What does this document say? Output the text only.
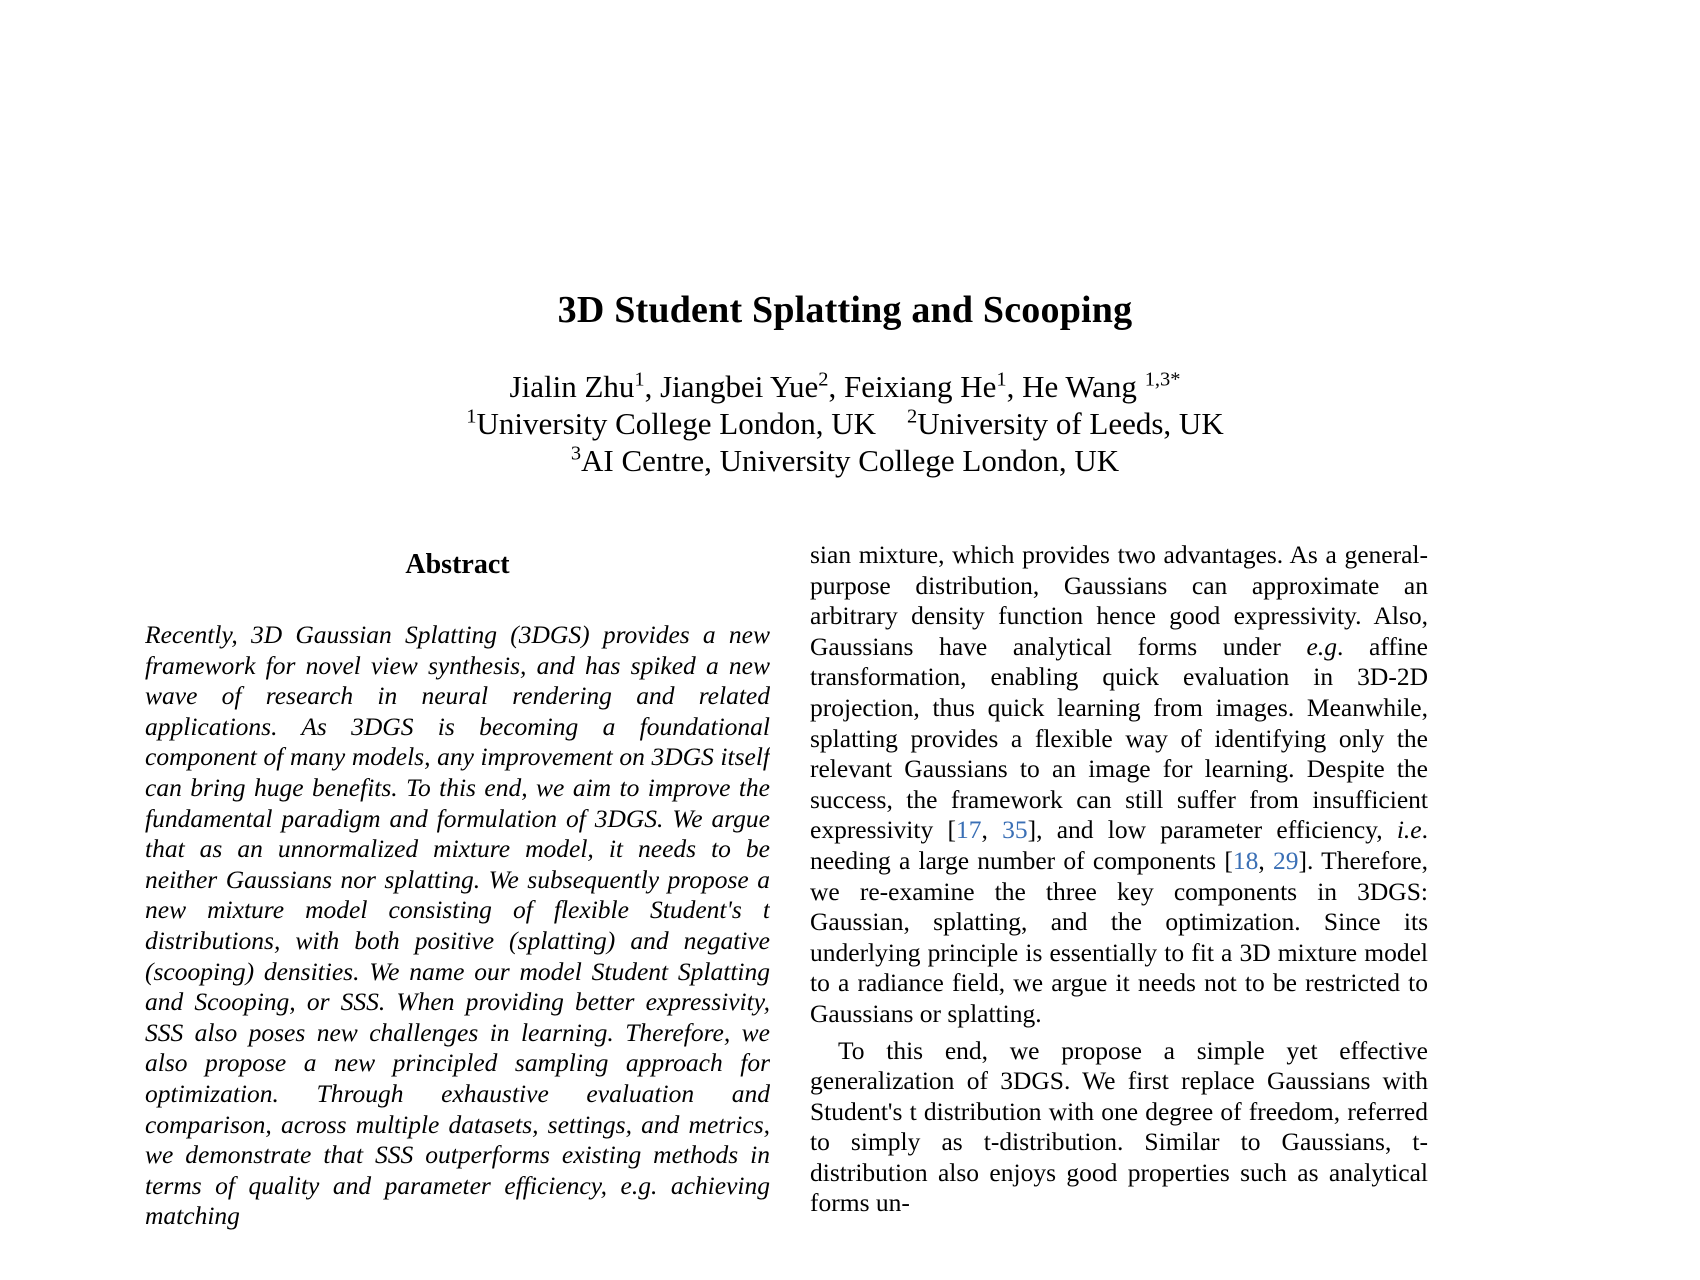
3D Student Splatting and Scooping
Jialin Zhu$^1$, Jiangbei Yue$^2$, Feixiang He$^1$, He Wang $^{1,3*}$
$^1$University College London, UK $^2$University of Leeds, UK
$^3$AI Centre, University College London, UK
Abstract
Recently, 3D Gaussian Splatting (3DGS) provides a new framework for novel view synthesis, and has spiked a new wave of research in neural rendering and related applications. As 3DGS is becoming a foundational component of many models, any improvement on 3DGS itself can bring huge benefits. To this end, we aim to improve the fundamental paradigm and formulation of 3DGS. We argue that as an unnormalized mixture model, it needs to be neither Gaussians nor splatting. We subsequently propose a new mixture model consisting of flexible Student's t distributions, with both positive (splatting) and negative (scooping) densities. We name our model Student Splatting and Scooping, or SSS. When providing better expressivity, SSS also poses new challenges in learning. Therefore, we also propose a new principled sampling approach for optimization. Through exhaustive evaluation and comparison, across multiple datasets, settings, and metrics, we demonstrate that SSS outperforms existing methods in terms of quality and parameter efficiency, e.g. achieving matching

sian mixture, which provides two advantages. As a general-purpose distribution, Gaussians can approximate an arbitrary density function hence good expressivity. Also, Gaussians have analytical forms under e.g. affine transformation, enabling quick evaluation in 3D-2D projection, thus quick learning from images. Meanwhile, splatting provides a flexible way of identifying only the relevant Gaussians to an image for learning. Despite the success, the framework can still suffer from insufficient expressivity [17, 35], and low parameter efficiency, i.e. needing a large number of components [18, 29]. Therefore, we re-examine the three key components in 3DGS: Gaussian, splatting, and the optimization. Since its underlying principle is essentially to fit a 3D mixture model to a radiance field, we argue it needs not to be restricted to Gaussians or splatting.

To this end, we propose a simple yet effective generalization of 3DGS. We first replace Gaussians with Student's t distribution with one degree of freedom, referred to simply as t-distribution. Similar to Gaussians, t-distribution also enjoys good properties such as analytical forms un-
